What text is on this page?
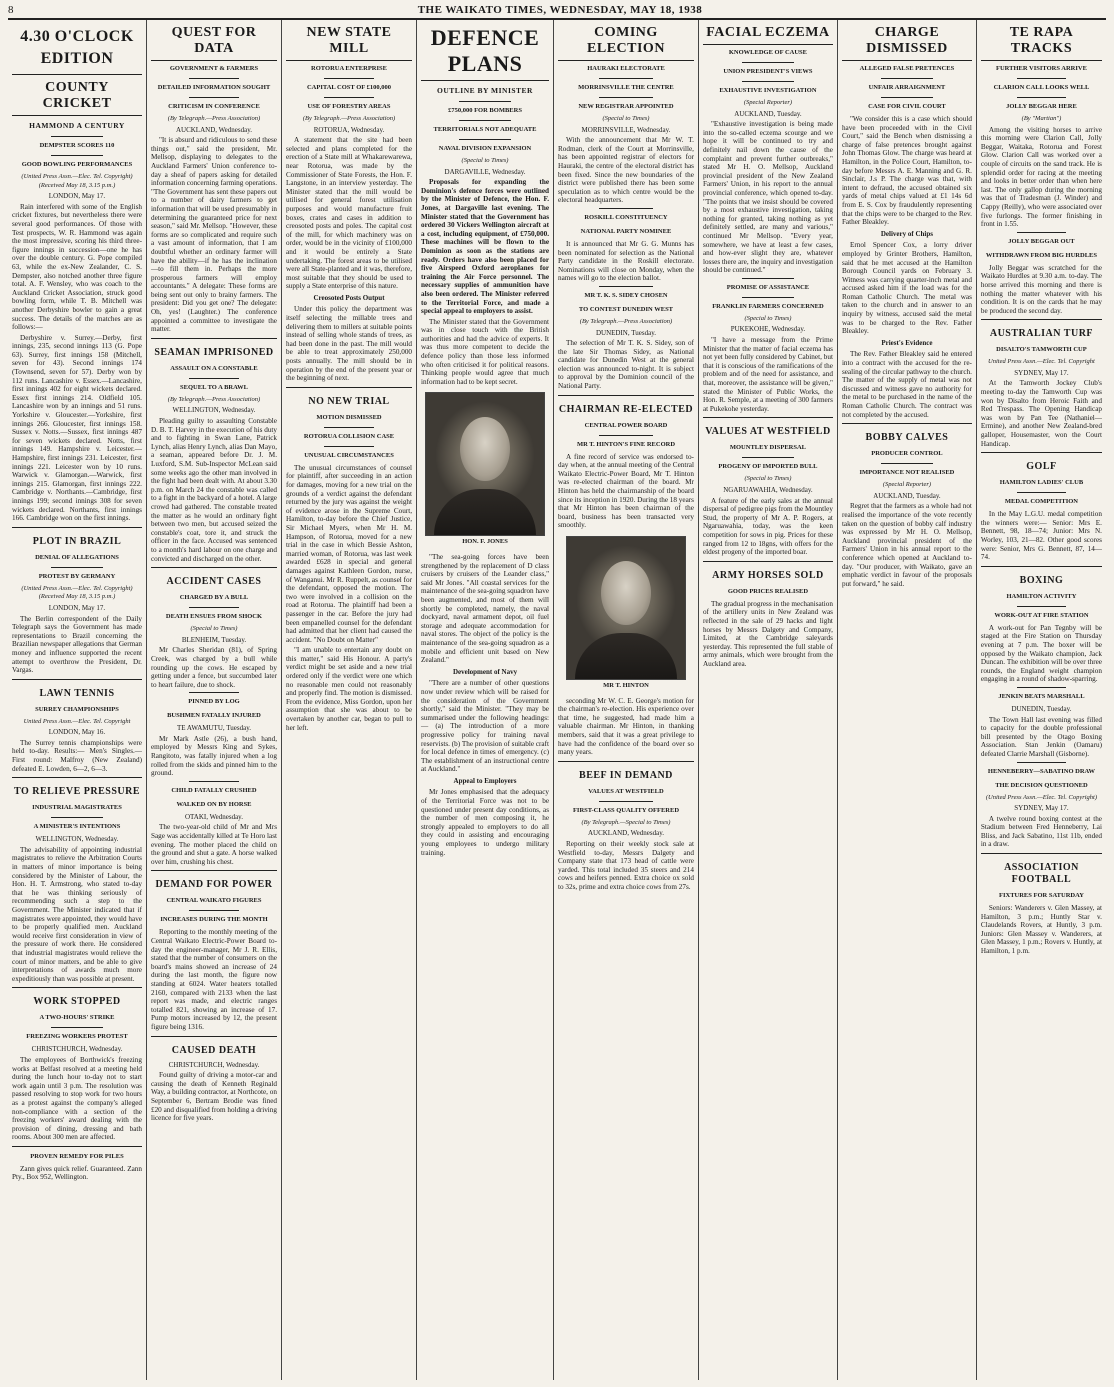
8	THE WAIKATO TIMES, WEDNESDAY, MAY 18, 1938
4.30 O'CLOCK EDITION
COUNTY CRICKET
HAMMOND A CENTURY
DEMPSTER SCORES 110
GOOD BOWLING PERFORMANCES
(United Press Assn.—Elec. Tel. Copyright) (Received May 18, 3.15 p.m.)
LONDON, May 17.

Rain interfered with some of the English cricket fixtures, but nevertheless there were several good performances. Of those with Test prospects, W. R. Hammond was again the most impressive, scoring his third three-figure innings in succession—one he has over the double century. G. Pope compiled 63, while the ex-New Zealander, C. S. Dempster, also notched another three figure total. A. F. Wensley, who was coach to the Auckland Cricket Association, struck good bowling form, while T. B. Mitchell was another Derbyshire bowler to gain a great success. The details of the matches are as follows:—

Derbyshire v. Surrey.—Derby, first innings, 235, second innings 113 (G. Pope 63). Surrey, first innings 158 (Mitchell, seven for 43). Second innings 174 (Townsend, seven for 57). Derby won by 112 runs. Lancashire v. Essex.—Lancashire, first innings 402 for eight wickets declared. Essex first innings 214. Oldfield 105. Lancashire won by an innings and 51 runs. Yorkshire v. Gloucester.—Yorkshire, first innings 266. Gloucester, first innings 158. Sussex v. Notts.—Sussex, first innings 487 for seven wickets declared. Notts, first innings 149. Hampshire v. Leicester.—Hampshire, first innings 231. Leicester, first innings 221. Leicester won by 10 runs. Warwick v. Glamorgan.—Warwick, first innings 215. Glamorgan, first innings 222. Cambridge v. Northants.—Cambridge, first innings 199; second innings 308 for seven wickets declared. Northants, first innings 166. Cambridge won on the first innings.

PLOT IN BRAZIL
DENIAL OF ALLEGATIONS
PROTEST BY GERMANY
(United Press Assn.—Elec. Tel. Copyright) (Received May 18, 3.15 p.m.)
LONDON, May 17.

The Berlin correspondent of the Daily Telegraph says the Government has made representations to Brazil concerning the Brazilian newspaper allegations that German money and influence supported the recent attempt to overthrow the President, Dr. Vargas.

LAWN TENNIS
SURREY CHAMPIONSHIPS
United Press Assn.—Elec. Tel. Copyright
LONDON, May 16.

The Surrey tennis championships were held to-day. Results:— Men's Singles.—First round: Malfroy (New Zealand) defeated E. Lowden, 6—2, 6—3.

TO RELIEVE PRESSURE
INDUSTRIAL MAGISTRATES
A MINISTER'S INTENTIONS
WELLINGTON, Wednesday.

The advisability of appointing industrial magistrates to relieve the Arbitration Courts in matters of minor importance is being considered by the Minister of Labour, the Hon. H. T. Armstrong, who stated to-day that he was thinking seriously of recommending such a step to the Government. The Minister indicated that if magistrates were appointed, they would have to be properly qualified men. Auckland would receive first consideration in view of the pressure of work there. He considered that industrial magistrates would relieve the court of minor matters, and be able to give interpretations of awards much more expeditiously than was possible at present.

WORK STOPPED
A TWO-HOURS' STRIKE
FREEZING WORKERS PROTEST
CHRISTCHURCH, Wednesday.

The employees of Borthwick's freezing works at Belfast resolved at a meeting held during the lunch hour to-day not to start work again until 3 p.m. The resolution was passed resolving to stop work for two hours as a protest against the company's alleged non-compliance with a section of the freezing workers' award dealing with the provision of dining, dressing and bath rooms. About 300 men are affected.

PROVEN REMEDY FOR PILES

Zann gives quick relief. Guaranteed. Zann Pty., Box 952, Wellington.

QUEST FOR DATA
GOVERNMENT & FARMERS
DETAILED INFORMATION SOUGHT
CRITICISM IN CONFERENCE
(By Telegraph.—Press Association)
AUCKLAND, Wednesday.

"It is absurd and ridiculous to send these things out," said the president, Mr. Mellsop, displaying to delegates to the Auckland Farmers' Union conference to-day a sheaf of papers asking for detailed information concerning farming operations. "The Government has sent these papers out to a number of dairy farmers to get information that will be used presumably in determining the guaranteed price for next season," said Mr. Mellsop. "However, these forms are so complicated and require such a vast amount of information, that I am doubtful whether an ordinary farmer will have the ability—if he has the inclination—to fill them in. Perhaps the more prosperous farmers will employ accountants." A delegate: These forms are being sent out only to brainy farmers. The president: Did you get one? The delegate: Oh, yes! (Laughter.) The conference appointed a committee to investigate the matter.

SEAMAN IMPRISONED
ASSAULT ON A CONSTABLE
SEQUEL TO A BRAWL
(By Telegraph.—Press Association)
WELLINGTON, Wednesday.

Pleading guilty to assaulting Constable D. B. T. Harvey in the execution of his duty and to fighting in Swan Lane, Patrick Lynch, alias Henry Lynch, alias Dan Mayo, a seaman, appeared before Dr. J. M. Luxford, S.M. Sub-Inspector McLean said some weeks ago the other man involved in the fight had been dealt with. At about 3.30 p.m. on March 24 the constable was called to a fight in the backyard of a hotel. A large crowd had gathered. The constable treated the matter as he would an ordinary fight between two men, but accused seized the constable's coat, tore it, and struck the officer in the face. Accused was sentenced to a month's hard labour on one charge and convicted and discharged on the other.

ACCIDENT CASES
CHARGED BY A BULL
DEATH ENSUES FROM SHOCK
(Special to Times)
BLENHEIM, Tuesday.

Mr Charles Sheridan (81), of Spring Creek, was charged by a bull while rounding up the cows. He escaped by getting under a fence, but succumbed later to heart failure, due to shock.

PINNED BY LOG
BUSHMEN FATALLY INJURED
TE AWAMUTU, Tuesday.

Mr Mark Astle (26), a bush hand, employed by Messrs King and Sykes, Rangitoto, was fatally injured when a log rolled from the skids and pinned him to the ground.

CHILD FATALLY CRUSHED
WALKED ON BY HORSE
OTAKI, Wednesday.

The two-year-old child of Mr and Mrs Sage was accidentally killed at Te Horo last evening. The mother placed the child on the ground and shut a gate. A horse walked over him, crushing his chest.

DEMAND FOR POWER
CENTRAL WAIKATO FIGURES
INCREASES DURING THE MONTH

Reporting to the monthly meeting of the Central Waikato Electric-Power Board to-day the engineer-manager, Mr J. R. Ellis, stated that the number of consumers on the board's mains showed an increase of 24 during the last month, the figure now standing at 6024. Water heaters totalled 2160, compared with 2133 when the last report was made, and electric ranges totalled 821, showing an increase of 17. Pump motors increased by 12, the present figure being 1316.

CAUSED DEATH
CHRISTCHURCH, Wednesday.

Found guilty of driving a motor-car and causing the death of Kenneth Reginald Way, a building contractor, at Northcote, on September 6, Bertram Brodie was fined £20 and disqualified from holding a driving licence for five years.

NEW STATE MILL
ROTORUA ENTERPRISE
CAPITAL COST OF £100,000
USE OF FORESTRY AREAS
(By Telegraph.—Press Association)
ROTORUA, Wednesday.

A statement that the site had been selected and plans completed for the erection of a State mill at Whakarewarewa, near Rotorua, was made by the Commissioner of State Forests, the Hon. F. Langstone, in an interview yesterday. The Minister stated that the mill would be utilised for general forest utilisation purposes and would manufacture fruit boxes, crates and cases in addition to creosoted posts and poles. The capital cost of the mill, for which machinery was on order, would be in the vicinity of £100,000 and it would be entirely a State undertaking. The forest areas to be utilised were all State-planted and it was, therefore, most suitable that they should be used to supply a State enterprise of this nature.

Creosoted Posts Output

Under this policy the department was itself selecting the millable trees and delivering them to millers at suitable points instead of selling whole stands of trees, as had been done in the past. The mill would be able to treat approximately 250,000 posts annually. The mill should be in operation by the end of the present year or the beginning of next.

NO NEW TRIAL
MOTION DISMISSED
ROTORUA COLLISION CASE
UNUSUAL CIRCUMSTANCES

The unusual circumstances of counsel for plaintiff, after succeeding in an action for damages, moving for a new trial on the grounds of a verdict against the defendant returned by the jury was against the weight of evidence arose in the Supreme Court, Hamilton, to-day before the Chief Justice, Sir Michael Myers, when Mr H. M. Hampson, of Rotorua, moved for a new trial in the case in which Bessie Ashton, married woman, of Rotorua, was last week awarded £628 in special and general damages against Kathleen Gordon, nurse, of Wanganui. Mr R. Ruppelt, as counsel for the defendant, opposed the motion. The two were involved in a collision on the road at Rotorua. The plaintiff had been a passenger in the car. Before the jury had been empanelled counsel for the defendant had admitted that her client had caused the accident. "No Doubt on Matter"

"I am unable to entertain any doubt on this matter," said His Honour. A party's verdict might be set aside and a new trial ordered only if the verdict were one which no reasonable men could not reasonably and properly find. The motion is dismissed. From the evidence, Miss Gordon, upon her assumption that she was about to be overtaken by another car, began to pull to her left.

DEFENCE PLANS
OUTLINE BY MINISTER
£750,000 FOR BOMBERS
TERRITORIALS NOT ADEQUATE
NAVAL DIVISION EXPANSION
(Special to Times)
DARGAVILLE, Wednesday.

Proposals for expanding the Dominion's defence forces were outlined by the Minister of Defence, the Hon. F. Jones, at Dargaville last evening. The Minister stated that the Government has ordered 30 Vickers Wellington aircraft at a cost, including equipment, of £750,000. These machines will be flown to the Dominion as soon as the stations are ready. Orders have also been placed for five Airspeed Oxford aeroplanes for training the Air Force personnel. The necessary supplies of ammunition have also been ordered. The Minister referred to the Territorial Force, and made a special appeal to employers to assist.

The Minister stated that the Government was in close touch with the British authorities and had the advice of experts. It was thus more competent to decide the defence policy than those less informed who often criticised it for political reasons. Thinking people would agree that much information had to be kept secret.

HON. F. JONES

"The sea-going forces have been strengthened by the replacement of D class cruisers by cruisers of the Leander class," said Mr Jones. "All coastal services for the maintenance of the sea-going squadron have been augmented, and most of them will shortly be completed, namely, the naval dockyard, naval armament depot, oil fuel storage and adequate accommodation for naval stores. The object of the policy is the maintenance of the sea-going squadron as a mobile and efficient unit based on New Zealand."

Development of Navy

"There are a number of other questions now under review which will be raised for the consideration of the Government shortly," said the Minister. "They may be summarised under the following headings:— (a) The introduction of a more progressive policy for training naval reservists. (b) The provision of suitable craft for local defence in times of emergency. (c) The establishment of an instructional centre at Auckland."

Appeal to Employers

Mr Jones emphasised that the adequacy of the Territorial Force was not to be questioned under present day conditions, as the number of men composing it, he strongly appealed to employers to do all they could in assisting and encouraging young employees to undergo military training.

COMING ELECTION
HAURAKI ELECTORATE
MORRINSVILLE THE CENTRE
NEW REGISTRAR APPOINTED
(Special to Times)
MORRINSVILLE, Wednesday.

With the announcement that Mr W. T. Rodman, clerk of the Court at Morrinsville, has been appointed registrar of electors for Hauraki, the centre of the electoral district has been fixed. Since the new boundaries of the district were published there has been some speculation as to which centre would be the electoral headquarters.

ROSKILL CONSTITUENCY
NATIONAL PARTY NOMINEE

It is announced that Mr G. G. Munns has been nominated for selection as the National Party candidate in the Roskill electorate. Nominations will close on Monday, when the names will go to the election ballot.

MR T. K. S. SIDEY CHOSEN
TO CONTEST DUNEDIN WEST
(By Telegraph.—Press Association)
DUNEDIN, Tuesday.

The selection of Mr T. K. S. Sidey, son of the late Sir Thomas Sidey, as National candidate for Dunedin West at the general election was announced to-night. It is subject to approval by the Dominion council of the National Party.

CHAIRMAN RE-ELECTED
CENTRAL POWER BOARD
MR T. HINTON'S FINE RECORD

A fine record of service was endorsed to-day when, at the annual meeting of the Central Waikato Electric-Power Board, Mr T. Hinton was re-elected chairman of the board. Mr Hinton has held the chairmanship of the board since its inception in 1920. During the 18 years that Mr Hinton has been chairman of the board, business has been transacted very smoothly.

MR T. HINTON

seconding Mr W. C. E. George's motion for the chairman's re-election. His experience over that time, he suggested, had made him a valuable chairman. Mr Hinton, in thanking members, said that it was a great privilege to have had the confidence of the board over so many years.

BEEF IN DEMAND
VALUES AT WESTFIELD
FIRST-CLASS QUALITY OFFERED
(By Telegraph.—Special to Times)
AUCKLAND, Wednesday.

Reporting on their weekly stock sale at Westfield to-day, Messrs Dalgety and Company state that 173 head of cattle were yarded. This total included 35 steers and 214 cows and heifers penned. Extra choice ox sold to 32s, prime and extra choice cows from 27s.

FACIAL ECZEMA
KNOWLEDGE OF CAUSE
UNION PRESIDENT'S VIEWS
EXHAUSTIVE INVESTIGATION
(Special Reporter)
AUCKLAND, Tuesday.

"Exhaustive investigation is being made into the so-called eczema scourge and we hope it will be continued to try and definitely nail down the cause of the complaint and prevent further outbreaks," stated Mr H. O. Mellsop, Auckland provincial president of the New Zealand Farmers' Union, in his report to the annual provincial conference, which opened to-day. "The points that we insist should be covered by a most exhaustive investigation, taking nothing for granted, taking nothing as yet definitely settled, are many and various," continued Mr Mellsop. "Every year, somewhere, we have at least a few cases, and how-ever slight they are, whatever losses there are, the inquiry and investigation should be continued."

PROMISE OF ASSISTANCE
FRANKLIN FARMERS CONCERNED
(Special to Times)
PUKEKOHE, Wednesday.

"I have a message from the Prime Minister that the matter of facial eczema has not yet been fully considered by Cabinet, but that it is conscious of the ramifications of the problem and of the need for assistance, and that, moreover, the assistance will be given," stated the Minister of Public Works, the Hon. R. Semple, at a meeting of 300 farmers at Pukekohe yesterday.

VALUES AT WESTFIELD
MOUNTLEY DISPERSAL
PROGENY OF IMPORTED BULL
(Special to Times)
NGARUAWAHIA, Wednesday.

A feature of the early sales at the annual dispersal of pedigree pigs from the Mountley Stud, the property of Mr A. P. Rogers, at Ngaruawahia, today, was the keen competition for sows in pig. Prices for these ranged from 12 to 18gns, with offers for the eldest progeny of the imported boar.

ARMY HORSES SOLD
GOOD PRICES REALISED

The gradual progress in the mechanisation of the artillery units in New Zealand was reflected in the sale of 29 hacks and light horses by Messrs Dalgety and Company, Limited, at the Cambridge saleyards yesterday. This represented the full stable of army animals, which were brought from the Auckland area.

CHARGE DISMISSED
ALLEGED FALSE PRETENCES
UNFAIR ARRAIGNMENT
CASE FOR CIVIL COURT

"We consider this is a case which should have been proceeded with in the Civil Court," said the Bench when dismissing a charge of false pretences brought against John Thomas Glow. The charge was heard at Hamilton, in the Police Court, Hamilton, to-day before Messrs A. E. Manning and G. R. Sinclair, J.s P. The charge was that, with intent to defraud, the accused obtained six yards of metal chips valued at £1 14s 6d from E. S. Cox by fraudulently representing that the chips were to be charged to the Rev. Father Bleakley.

Delivery of Chips

Ernol Spencer Cox, a lorry driver employed by Grinter Brothers, Hamilton, said that he met accused at the Hamilton Borough Council yards on February 3. Witness was carrying quarter-inch metal and accused asked him if the load was for the Roman Catholic Church. The metal was taken to the church and in answer to an inquiry by witness, accused said the metal was to be charged to the Rev. Father Bleakley.

Priest's Evidence

The Rev. Father Bleakley said he entered into a contract with the accused for the re-sealing of the circular pathway to the church. The matter of the supply of metal was not discussed and witness gave no authority for the metal to be purchased in the name of the Roman Catholic Church. The contract was not completed by the accused.

BOBBY CALVES
PRODUCER CONTROL
IMPORTANCE NOT REALISED
(Special Reporter)
AUCKLAND, Tuesday.

Regret that the farmers as a whole had not realised the importance of the vote recently taken on the question of bobby calf industry was expressed by Mr H. O. Mellsop, Auckland provincial president of the Farmers' Union in his annual report to the conference which opened at Auckland to-day. "Our producer, with Waikato, gave an emphatic verdict in favour of the proposals put forward," he said.

TE RAPA TRACKS
FURTHER VISITORS ARRIVE
CLARION CALL LOOKS WELL
JOLLY BEGGAR HERE
(By "Martian")

Among the visiting horses to arrive this morning were Clarion Call, Jolly Beggar, Waitaka, Rotorua and Forest Glow. Clarion Call was worked over a couple of circuits on the sand track. He is splendid order for racing at the meeting and looks in better order than when here last. The only gallop during the morning was that of Tradesman (J. Winder) and Cappy (Reilly), who were associated over five furlongs. The former finishing in front in 1.55.

JOLLY BEGGAR OUT
WITHDRAWN FROM BIG HURDLES

Jolly Beggar was scratched for the Waikato Hurdles at 9.30 a.m. to-day. The horse arrived this morning and there is nothing the matter whatever with his condition. It is on the cards that he may be produced the second day.

AUSTRALIAN TURF
DISALTO'S TAMWORTH CUP
United Press Assn.—Elec. Tel. Copyright
SYDNEY, May 17.

At the Tamworth Jockey Club's meeting to-day the Tamworth Cup was won by Disalto from Heroic Faith and Red Trespass. The Opening Handicap was won by Pan Tee (Nathaniel—Ermine), and another New Zealand-bred galloper, Housemaster, won the Court Handicap.

GOLF
HAMILTON LADIES' CLUB
MEDAL COMPETITION

In the May L.G.U. medal competition the winners were:— Senior: Mrs E. Bennett, 98, 18—74; Junior: Mrs N. Worley, 103, 21—82. Other good scores were: Senior, Mrs G. Bennett, 87, 14—74.

BOXING
HAMILTON ACTIVITY
WORK-OUT AT FIRE STATION

A work-out for Pan Tegnby will be staged at the Fire Station on Thursday evening at 7 p.m. The boxer will be opposed by the Waikato champion, Jack Duncan. The exhibition will be over three rounds, the England weight champion engaging in a round of shadow-sparring.

JENKIN BEATS MARSHALL
DUNEDIN, Tuesday.

The Town Hall last evening was filled to capacity for the double professional bill presented by the Otago Boxing Association. Stan Jenkin (Oamaru) defeated Clarrie Marshall (Gisborne).

HENNEBERRY—SABATINO DRAW
THE DECISION QUESTIONED
(United Press Assn.—Elec. Tel. Copyright)
SYDNEY, May 17.

A twelve round boxing contest at the Stadium between Fred Henneberry, Lai Bliss, and Jack Sabatino, 11st 11b, ended in a draw.

ASSOCIATION FOOTBALL
FIXTURES FOR SATURDAY

Seniors: Wanderers v. Glen Massey, at Hamilton, 3 p.m.; Huntly Star v. Claudelands Rovers, at Huntly, 3 p.m. Juniors: Glen Massey v. Wanderers, at Glen Massey, 1 p.m.; Rovers v. Huntly, at Hamilton, 1 p.m.
